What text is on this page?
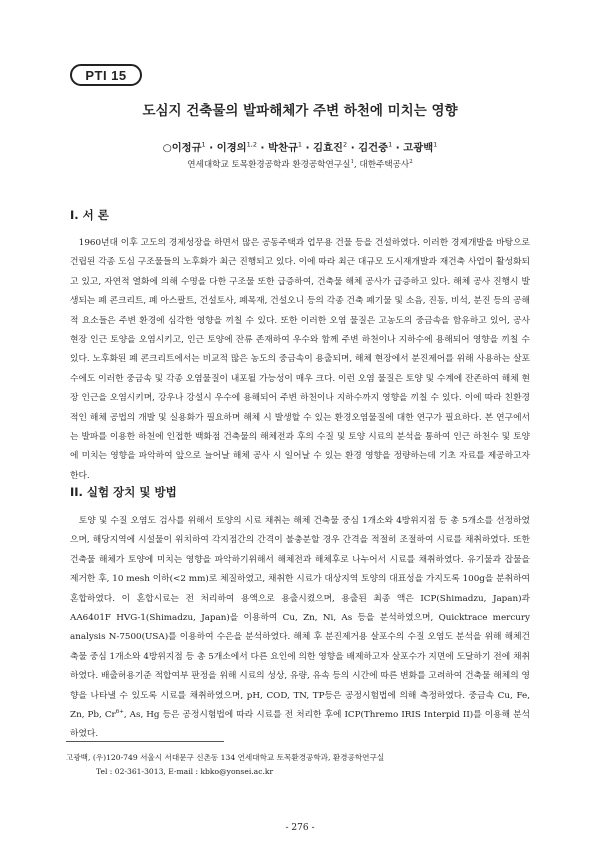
PTI 15
도심지 건축물의 발파해체가 주변 하천에 미치는 영향
○이정규$^1$ · 이경의$^{1,2}$ · 박찬규$^1$ · 김효진$^2$ · 김건중$^1$ · 고광백$^1$
연세대학교 토목환경공학과 환경공학연구실$^1$, 대한주택공사$^2$
I. 서 론
1960년대 이후 고도의 경제성장을 하면서 많은 공동주택과 업무용 건물 등을 건설하였다. 이러한 경제개발을 바탕으로 건립된 각종 도심 구조물들의 노후화가 최근 진행되고 있다. 이에 따라 최근 대규모 도시재개발과 재건축 사업이 활성화되고 있고, 자연적 열화에 의해 수명을 다한 구조물 또한 급증하여, 건축물 해체 공사가 급증하고 있다. 해체 공사 진행시 발생되는 폐 콘크리트, 폐 아스팔트, 건설토사, 폐목재, 건설오니 등의 각종 건축 폐기물 및 소음, 진동, 비석, 분진 등의 공해적 요소들은 주변 환경에 심각한 영향을 끼칠 수 있다. 또한 이러한 오염 물질은 고농도의 중금속을 함유하고 있어, 공사 현장 인근 토양을 오염시키고, 인근 토양에 잔류 존재하여 우수와 함께 주변 하천이나 지하수에 용해되어 영향을 끼칠 수 있다. 노후화된 폐 콘크리트에서는 비교적 많은 농도의 중금속이 용출되며, 해체 현장에서 분진제어를 위해 사용하는 살포 수에도 이러한 중금속 및 각종 오염물질이 내포될 가능성이 매우 크다. 이런 오염 물질은 토양 및 수계에 잔존하여 해체 현장 인근을 오염시키며, 강우나 강설시 우수에 용해되어 주변 하천이나 지하수까지 영향을 끼칠 수 있다. 이에 따라 친환경적인 해체 공법의 개발 및 실용화가 필요하며 해체 시 발생할 수 있는 환경오염물질에 대한 연구가 필요하다. 본 연구에서는 발파를 이용한 하천에 인접한 백화점 건축물의 해체전과 후의 수질 및 토양 시료의 분석을 통하여 인근 하천수 및 토양에 미치는 영향을 파악하여 앞으로 늘어날 해체 공사 시 일어날 수 있는 환경 영향을 정량하는데 기초 자료를 제공하고자 한다.
II. 실험 장치 및 방법
토양 및 수질 오염도 검사를 위해서 토양의 시료 채취는 해체 건축물 중심 1개소와 4방위지점 등 총 5개소를 선정하였으며, 해당지역에 시설물이 위치하여 각지점간의 간격이 불충분할 경우 간격을 적절히 조절하여 시료를 채취하였다. 또한 건축물 해체가 토양에 미치는 영향을 파악하기위해서 해체전과 해체후로 나누어서 시료를 채취하였다. 유기물과 잡물을 제거한 후, 10 mesh 이하(<2 mm)로 체질하였고, 채취한 시료가 대상지역 토양의 대표성을 가지도록 100g을 분취하여 혼합하였다. 이 혼합시료는 전 처리하여 용액으로 용출시켰으며, 용출된 최종 액은 ICP(Shimadzu, Japan)과 AA6401F HVG-1(Shimadzu, Japan)을 이용하여 Cu, Zn, Ni, As 등을 분석하였으며, Quicktrace mercury analysis N-7500(USA)를 이용하여 수은을 분석하였다. 해체 후 분진제거용 살포수의 수질 오염도 분석을 위해 해체건축물 중심 1개소와 4방위지점 등 총 5개소에서 다른 요인에 의한 영향을 배제하고자 살포수가 지면에 도달하기 전에 채취하였다. 배출허용기준 적합여부 판정을 위해 시료의 성상, 유량, 유속 등의 시간에 따른 변화를 고려하여 건축물 해체의 영향을 나타낼 수 있도록 시료를 채취하였으며, pH, COD, TN, TP등은 공정시험법에 의해 측정하였다. 중금속 Cu, Fe, Zn, Pb, $Cr^{6+}$, As, Hg 등은 공정시험법에 따라 시료를 전 처리한 후에 ICP(Thremo IRIS Interpid II)를 이용해 분석하였다.
고광백, (우)120-749 서울시 서대문구 신촌동 134 연세대학교 토목환경공학과, 환경공학연구실
Tel : 02-361-3013, E-mail : kbko@yonsei.ac.kr
- 276 -
